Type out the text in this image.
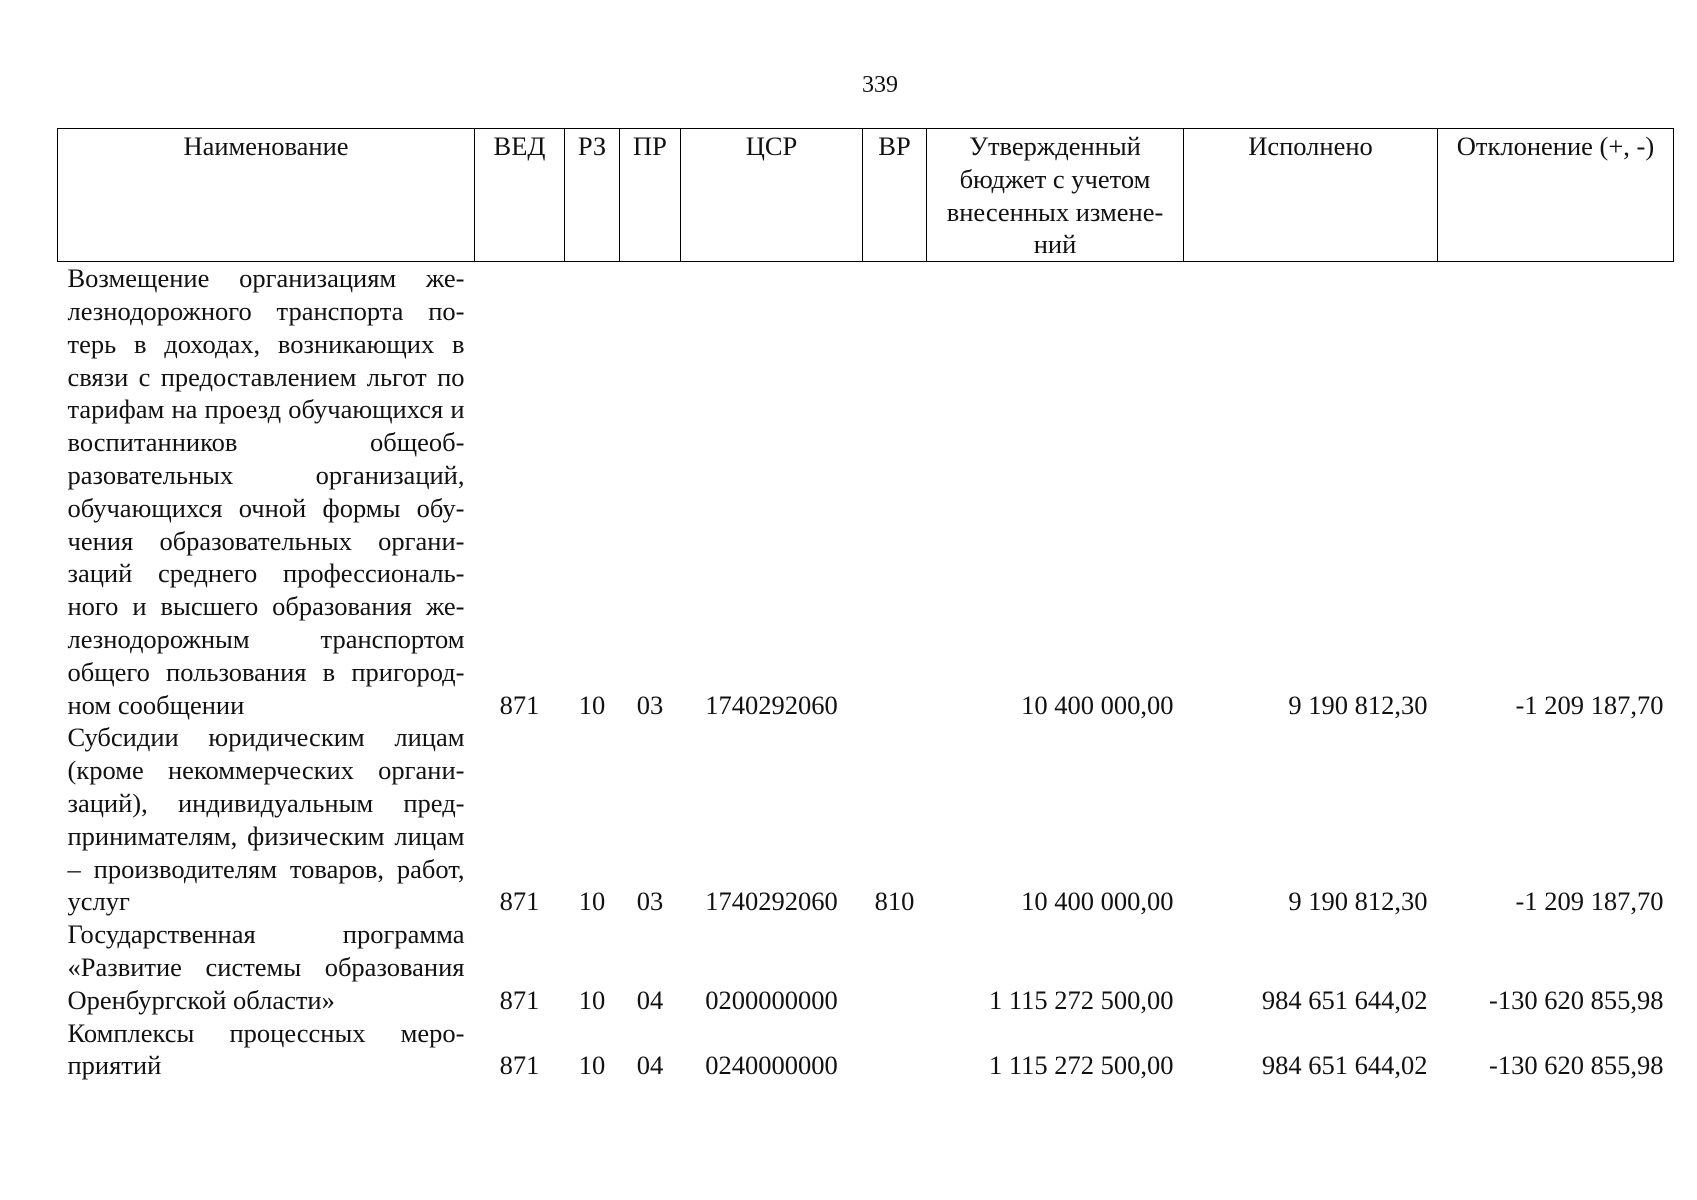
339
Наименование	ВЕД	РЗ	ПР	ЦСР	ВР	Утвержденный бюджет с учетом внесенных изменений	Исполнено	Отклонение (+, -)
Возмещение организациям железнодорожного транспорта потерь в доходах, возникающих в связи с предоставлением льгот по тарифам на проезд обучающихся и воспитанников общеобразовательных организаций, обучающихся очной формы обучения образовательных организаций среднего профессионального и высшего образования железнодорожным транспортом общего пользования в пригородном сообщении	871	10	03	1740292060		10 400 000,00	9 190 812,30	-1 209 187,70
Субсидии юридическим лицам (кроме некоммерческих организаций), индивидуальным предпринимателям, физическим лицам – производителям товаров, работ, услуг	871	10	03	1740292060	810	10 400 000,00	9 190 812,30	-1 209 187,70
Государственная программа «Развитие системы образования Оренбургской области»	871	10	04	0200000000		1 115 272 500,00	984 651 644,02	-130 620 855,98
Комплексы процессных мероприятий	871	10	04	0240000000		1 115 272 500,00	984 651 644,02	-130 620 855,98
